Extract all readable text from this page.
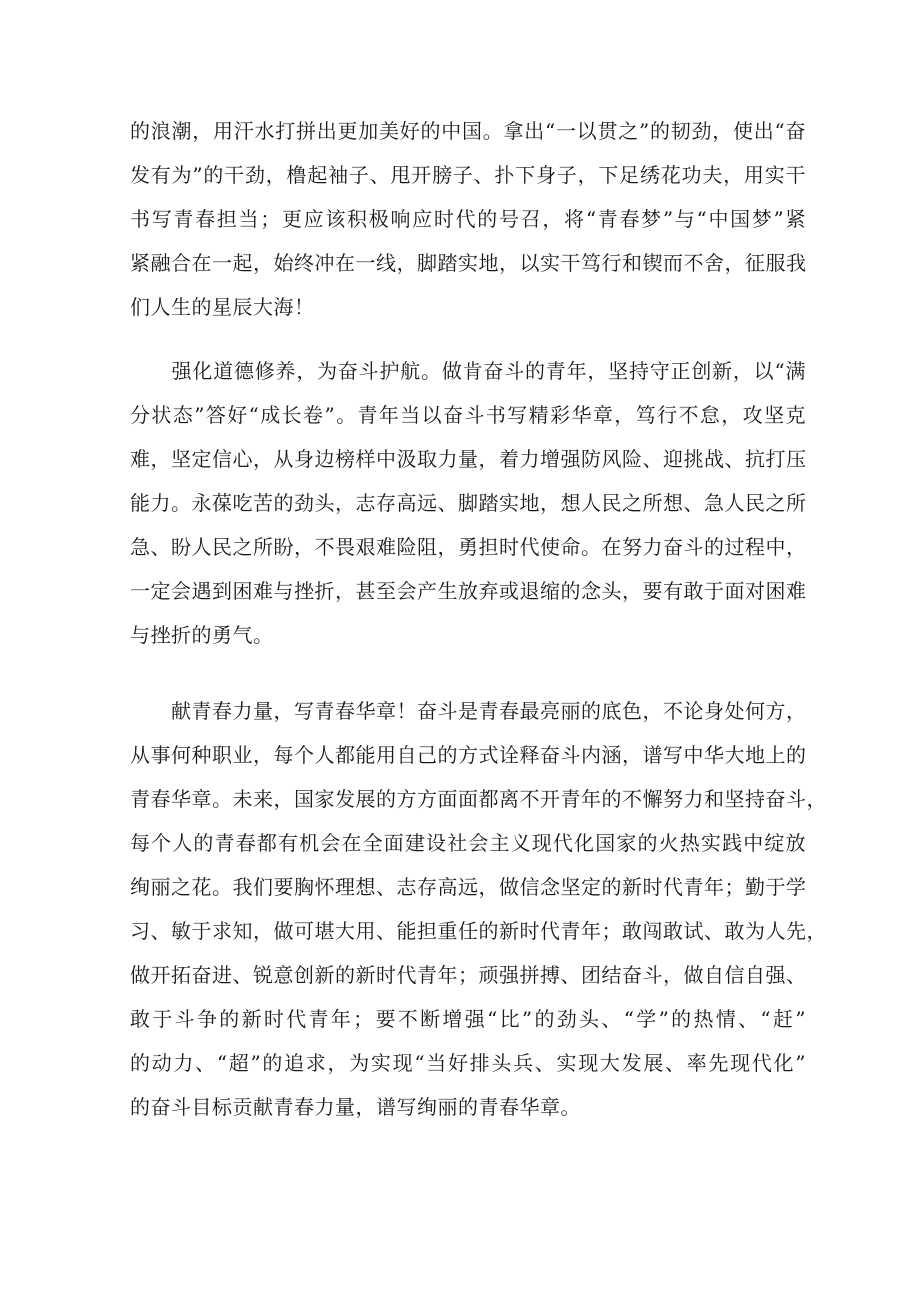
的浪潮，用汗水打拼出更加美好的中国。拿出“一以贯之”的韧劲，使出“奋
发有为”的干劲，橹起袖子、甩开膀子、扑下身子，下足绣花功夫，用实干
书写青春担当；更应该积极响应时代的号召，将“青春梦”与“中国梦”紧
紧融合在一起，始终冲在一线，脚踏实地，以实干笃行和锲而不舍，征服我
们人生的星辰大海！
　　强化道德修养，为奋斗护航。做肯奋斗的青年，坚持守正创新，以“满
分状态”答好“成长卷”。青年当以奋斗书写精彩华章，笃行不怠，攻坚克
难，坚定信心，从身边榜样中汲取力量，着力增强防风险、迎挑战、抗打压
能力。永葆吃苦的劲头，志存高远、脚踏实地，想人民之所想、急人民之所
急、盼人民之所盼，不畏艰难险阻，勇担时代使命。在努力奋斗的过程中，
一定会遇到困难与挫折，甚至会产生放弃或退缩的念头，要有敢于面对困难
与挫折的勇气。
　　献青春力量，写青春华章！奋斗是青春最亮丽的底色，不论身处何方，
从事何种职业，每个人都能用自己的方式诠释奋斗内涵，谱写中华大地上的
青春华章。未来，国家发展的方方面面都离不开青年的不懈努力和坚持奋斗，
每个人的青春都有机会在全面建设社会主义现代化国家的火热实践中绽放
绚丽之花。我们要胸怀理想、志存高远，做信念坚定的新时代青年；勤于学
习、敏于求知，做可堪大用、能担重任的新时代青年；敢闯敢试、敢为人先，
做开拓奋进、锐意创新的新时代青年；顽强拼搏、团结奋斗，做自信自强、
敢于斗争的新时代青年；要不断增强“比”的劲头、“学”的热情、“赶”
的动力、“超”的追求，为实现“当好排头兵、实现大发展、率先现代化”
的奋斗目标贡献青春力量，谱写绚丽的青春华章。
